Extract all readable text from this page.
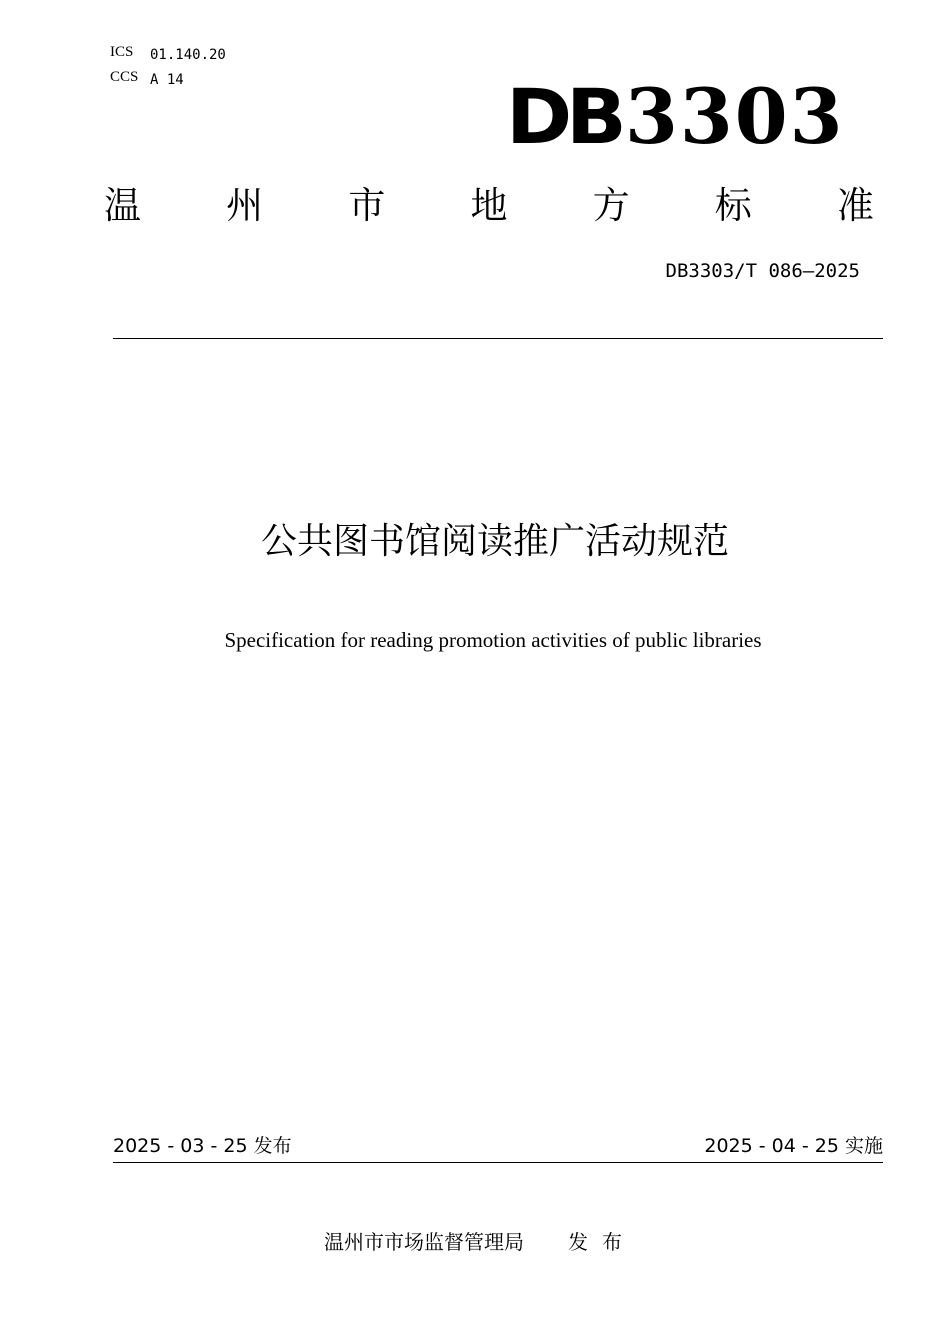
ICS 01.140.20
CCS A 14	DB3303
温 州 市 地 方 标 准
DB3303/T 086—2025
公共图书馆阅读推广活动规范
Specification for reading promotion activities of public libraries
2025 - 03 - 25 发布	2025 - 04 - 25 实施
温州市市场监督管理局 发布
